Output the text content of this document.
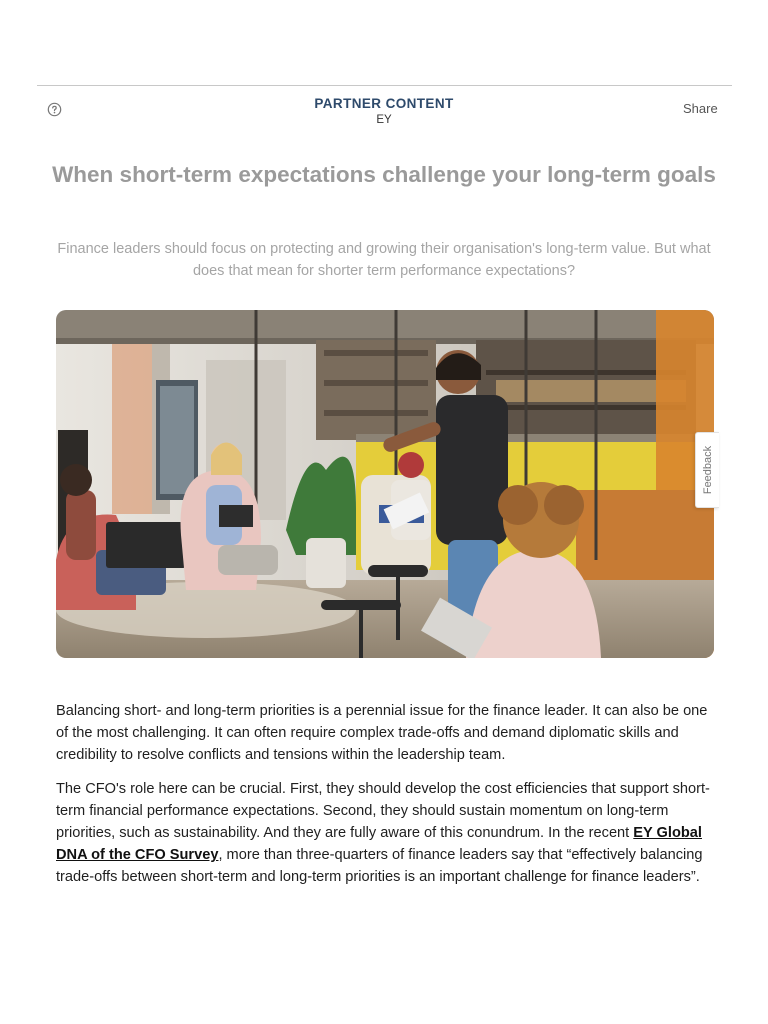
PARTNER CONTENT
EY
Share
When short-term expectations challenge your long-term goals

Finance leaders should focus on protecting and growing their organisation's long-term value. But what does that mean for shorter term performance expectations?

Feedback

Balancing short- and long-term priorities is a perennial issue for the finance leader. It can also be one of the most challenging. It can often require complex trade-offs and demand diplomatic skills and credibility to resolve conflicts and tensions within the leadership team.

The CFO's role here can be crucial. First, they should develop the cost efficiencies that support short-term financial performance expectations. Second, they should sustain momentum on long-term priorities, such as sustainability. And they are fully aware of this conundrum. In the recent EY Global DNA of the CFO Survey, more than three-quarters of finance leaders say that “effectively balancing trade-offs between short-term and long-term priorities is an important challenge for finance leaders”.
